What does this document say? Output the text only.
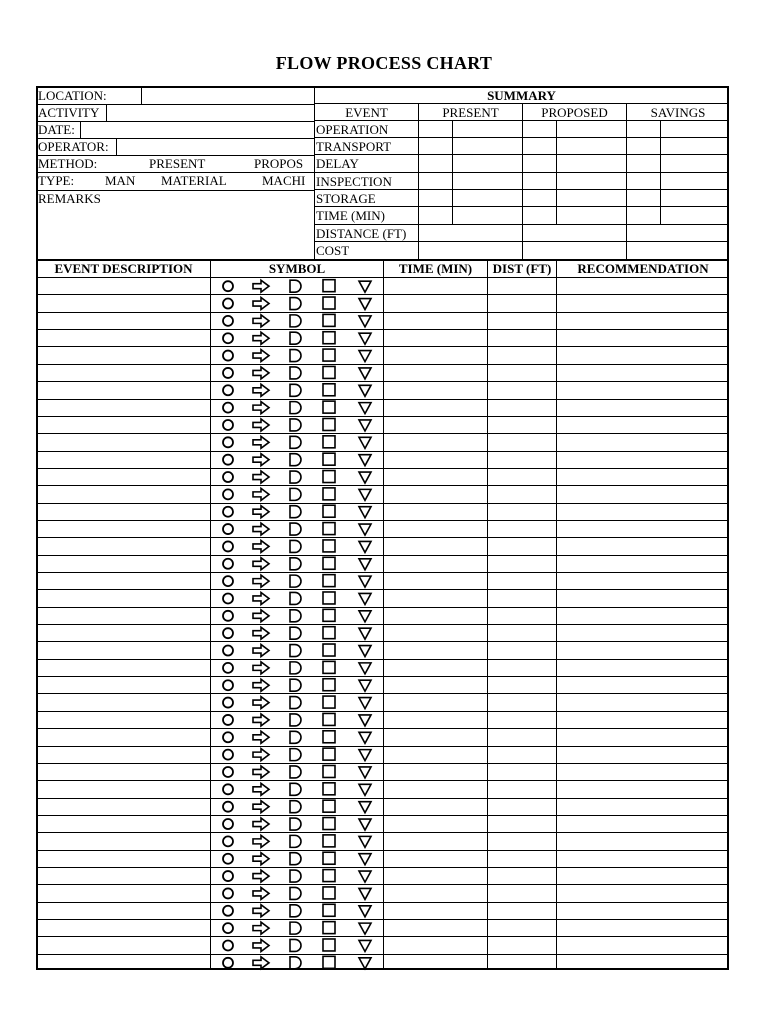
FLOW PROCESS CHART
LOCATION:
ACTIVITY
DATE:
OPERATOR:
METHOD:	PRESENT	PROPOS
TYPE: MAN MATERIAL	MACHI
REMARKS
SUMMARY
EVENT	PRESENT	PROPOSED	SAVINGS
OPERATION
TRANSPORT
DELAY
INSPECTION
STORAGE
TIME (MIN)
DISTANCE (FT)
COST
EVENT DESCRIPTION	SYMBOL	TIME (MIN)	DIST (FT)	RECOMMENDATION
